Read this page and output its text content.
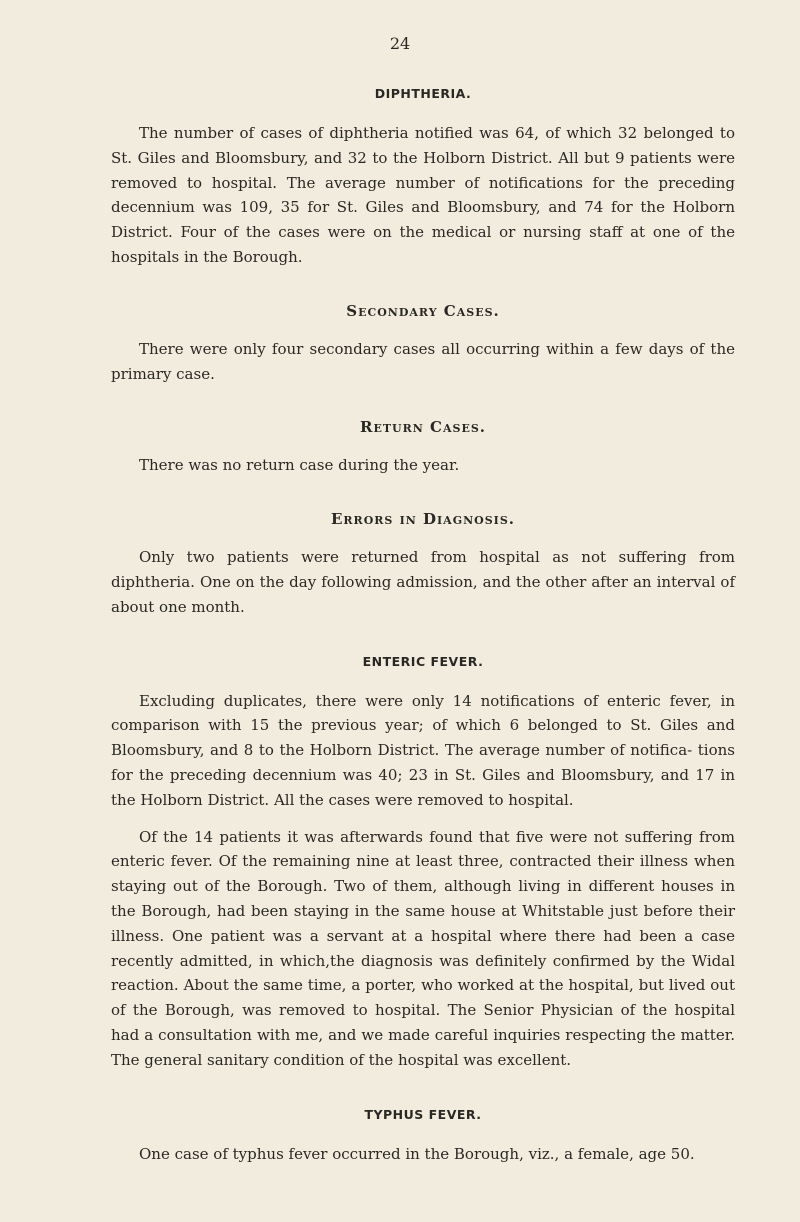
24
DIPHTHERIA.

The number of cases of diphtheria notified was 64, of which 32 belonged to St. Giles and Bloomsbury, and 32 to the Holborn District. All but 9 patients were removed to hospital. The average number of notifications for the preceding decennium was 109, 35 for St. Giles and Bloomsbury, and 74 for the Holborn District. Four of the cases were on the medical or nursing staff at one of the hospitals in the Borough.

Secondary Cases.

There were only four secondary cases all occurring within a few days of the primary case.

Return Cases.

There was no return case during the year.

Errors in Diagnosis.

Only two patients were returned from hospital as not suffering from diphtheria. One on the day following admission, and the other after an interval of about one month.

ENTERIC FEVER.

Excluding duplicates, there were only 14 notifications of enteric fever, in comparison with 15 the previous year; of which 6 belonged to St. Giles and Bloomsbury, and 8 to the Holborn District. The average number of notifica- tions for the preceding decennium was 40; 23 in St. Giles and Bloomsbury, and 17 in the Holborn District. All the cases were removed to hospital.

Of the 14 patients it was afterwards found that five were not suffering from enteric fever. Of the remaining nine at least three, contracted their illness when staying out of the Borough. Two of them, although living in different houses in the Borough, had been staying in the same house at Whitstable just before their illness. One patient was a servant at a hospital where there had been a case recently admitted, in which,the diagnosis was definitely confirmed by the Widal reaction. About the same time, a porter, who worked at the hospital, but lived out of the Borough, was removed to hospital. The Senior Physician of the hospital had a consultation with me, and we made careful inquiries respecting the matter. The general sanitary condition of the hospital was excellent.

TYPHUS FEVER.

One case of typhus fever occurred in the Borough, viz., a female, age 50.
